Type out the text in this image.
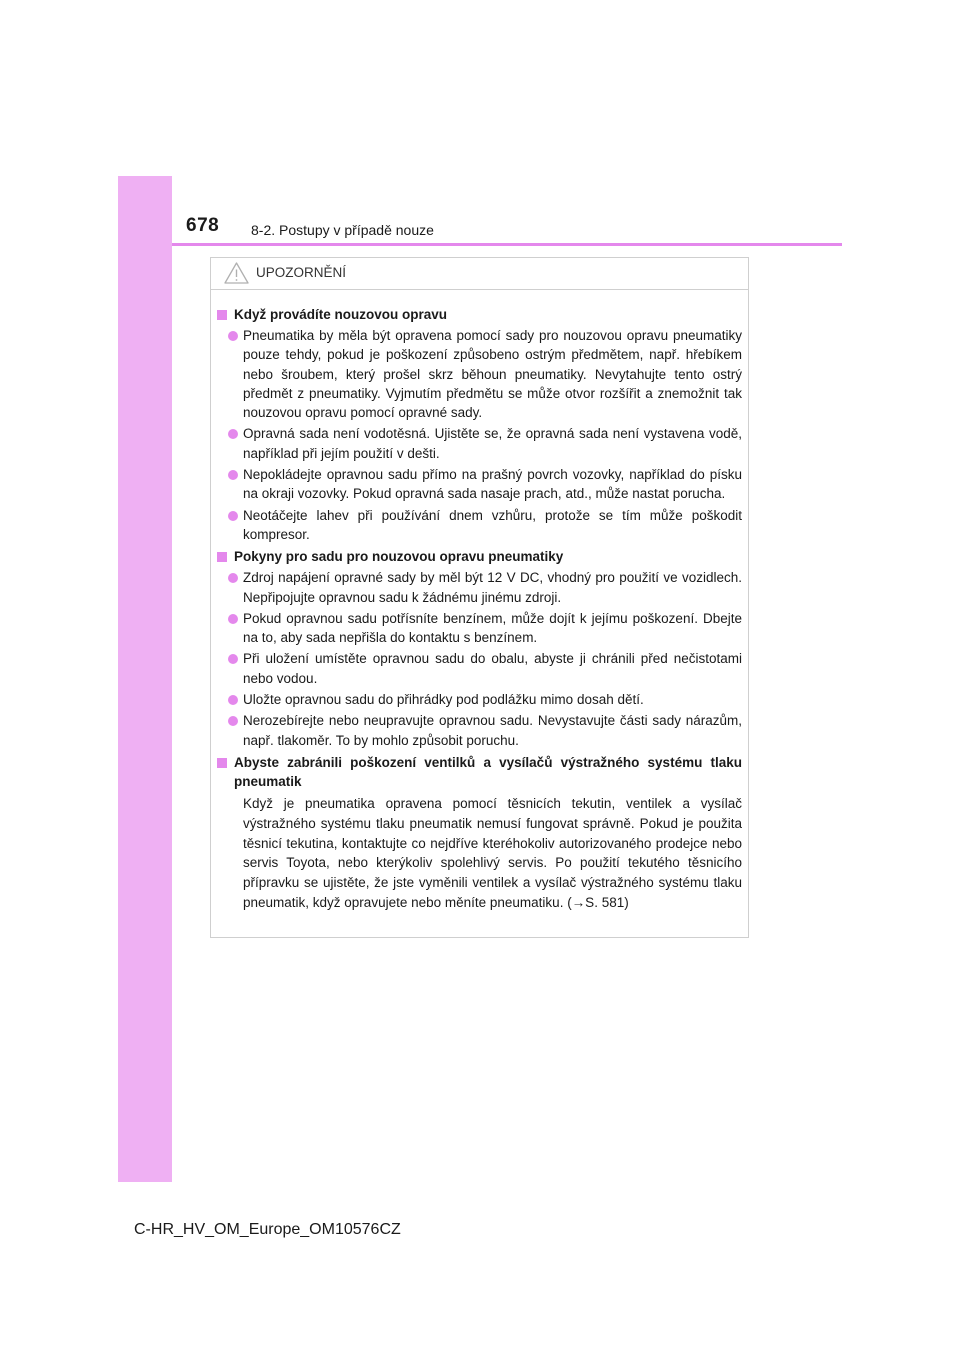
678 8-2. Postupy v případě nouze
UPOZORNĚNÍ
Když provádíte nouzovou opravu
Pneumatika by měla být opravena pomocí sady pro nouzovou opravu pneumatiky pouze tehdy, pokud je poškození způsobeno ostrým předmětem, např. hřebíkem nebo šroubem, který prošel skrz běhoun pneumatiky. Nevytahujte tento ostrý předmět z pneumatiky. Vyjmutím předmětu se může otvor rozšířit a znemožnit tak nouzovou opravu pomocí opravné sady.
Opravná sada není vodotěsná. Ujistěte se, že opravná sada není vystavena vodě, například při jejím použití v dešti.
Nepokládejte opravnou sadu přímo na prašný povrch vozovky, například do písku na okraji vozovky. Pokud opravná sada nasaje prach, atd., může nastat porucha.
Neotáčejte lahev při používání dnem vzhůru, protože se tím může poškodit kompresor.
Pokyny pro sadu pro nouzovou opravu pneumatiky
Zdroj napájení opravné sady by měl být 12 V DC, vhodný pro použití ve vozidlech. Nepřipojujte opravnou sadu k žádnému jinému zdroji.
Pokud opravnou sadu potřísníte benzínem, může dojít k jejímu poškození. Dbejte na to, aby sada nepřišla do kontaktu s benzínem.
Při uložení umístěte opravnou sadu do obalu, abyste ji chránili před nečistotami nebo vodou.
Uložte opravnou sadu do přihrádky pod podlážku mimo dosah dětí.
Nerozebírejte nebo neupravujte opravnou sadu. Nevystavujte části sady nárazům, např. tlakoměr. To by mohlo způsobit poruchu.
Abyste zabránili poškození ventilků a vysílačů výstražného systému tlaku pneumatik
Když je pneumatika opravena pomocí těsnicích tekutin, ventilek a vysílač výstražného systému tlaku pneumatik nemusí fungovat správně. Pokud je použita těsnicí tekutina, kontaktujte co nejdříve kteréhokoliv autorizovaného prodejce nebo servis Toyota, nebo kterýkoliv spolehlivý servis. Po použití tekutého těsnicího přípravku se ujistěte, že jste vyměnili ventilek a vysílač výstražného systému tlaku pneumatik, když opravujete nebo měníte pneumatiku. (→S. 581)
C-HR_HV_OM_Europe_OM10576CZ
